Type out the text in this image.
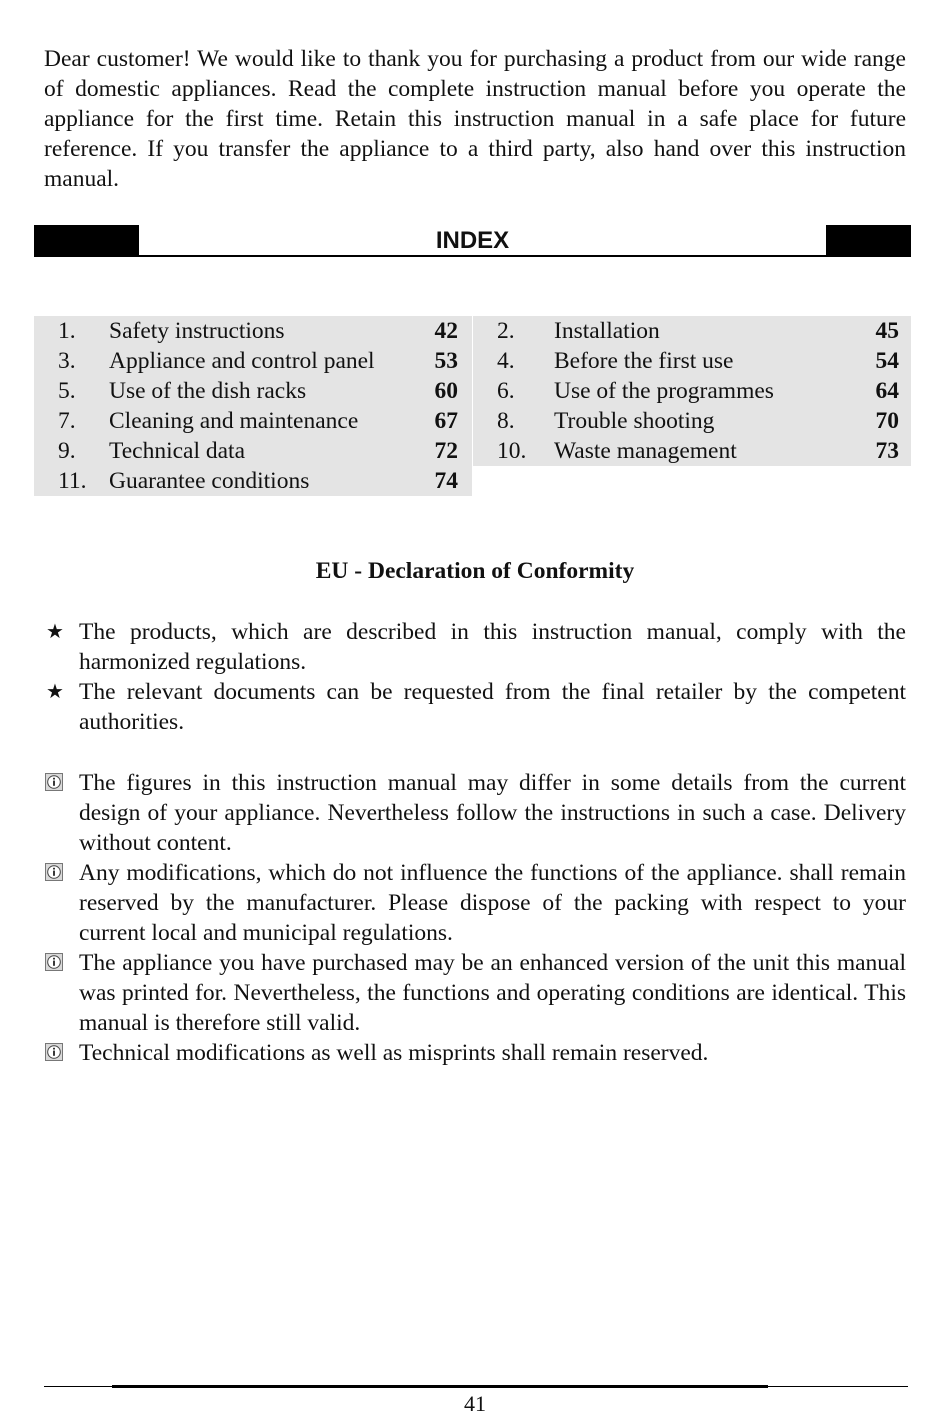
Dear customer! We would like to thank you for purchasing a product from our wide range of domestic appliances. Read the complete instruction manual before you operate the appliance for the first time. Retain this instruction manual in a safe place for future reference. If you transfer the appliance to a third party, also hand over this instruction manual.

INDEX
1. Safety instructions	42
3. Appliance and control panel	53
5. Use of the dish racks	60
7. Cleaning and maintenance	67
9. Technical data	72
11. Guarantee conditions	74
2. Installation	45
4. Before the first use	54
6. Use of the programmes	64
8. Trouble shooting	70
10. Waste management	73
EU - Declaration of Conformity
★ The products, which are described in this instruction manual, comply with the harmonized regulations.
★ The relevant documents can be requested from the final retailer by the competent authorities.
The figures in this instruction manual may differ in some details from the current design of your appliance. Nevertheless follow the instructions in such a case. Delivery without content.
Any modifications, which do not influence the functions of the appliance. shall remain reserved by the manufacturer. Please dispose of the packing with respect to your current local and municipal regulations.
The appliance you have purchased may be an enhanced version of the unit this manual was printed for. Nevertheless, the functions and operating conditions are identical. This manual is therefore still valid.
Technical modifications as well as misprints shall remain reserved.
41
